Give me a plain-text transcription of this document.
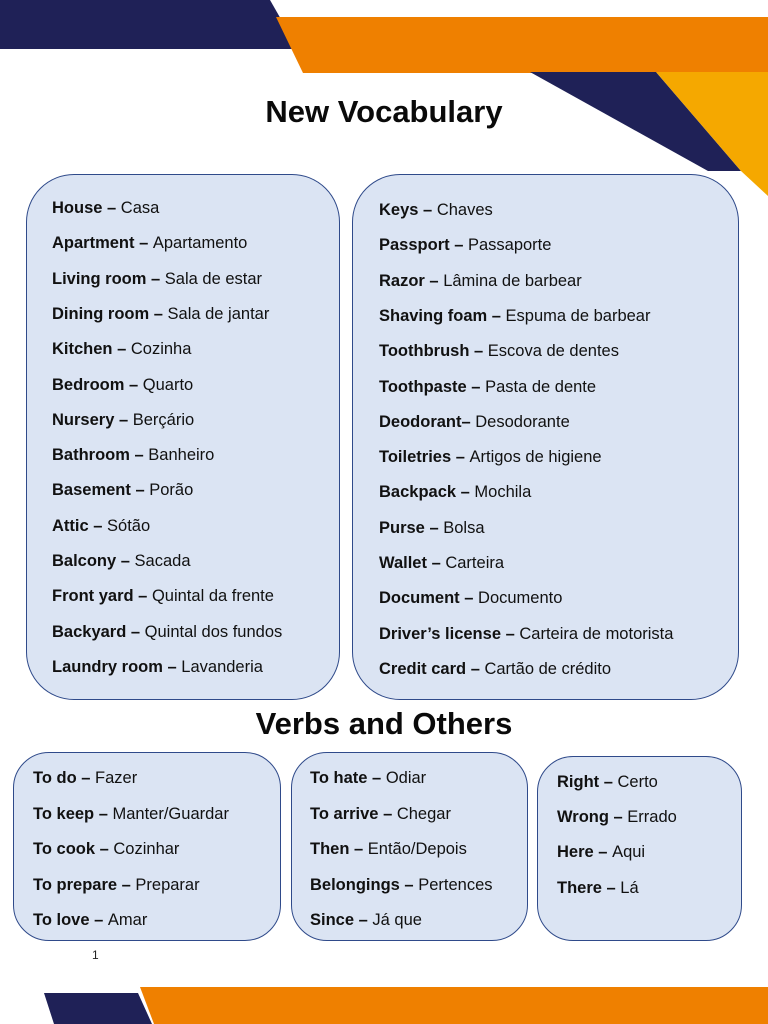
New Vocabulary
House – Casa
Apartment – Apartamento
Living room – Sala de estar
Dining room – Sala de jantar
Kitchen – Cozinha
Bedroom – Quarto
Nursery – Berçário
Bathroom – Banheiro
Basement – Porão
Attic – Sótão
Balcony – Sacada
Front yard – Quintal da frente
Backyard – Quintal dos fundos
Laundry room – Lavanderia
Keys – Chaves
Passport – Passaporte
Razor – Lâmina de barbear
Shaving foam – Espuma de barbear
Toothbrush – Escova de dentes
Toothpaste – Pasta de dente
Deodorant– Desodorante
Toiletries – Artigos de higiene
Backpack – Mochila
Purse – Bolsa
Wallet – Carteira
Document – Documento
Driver’s license – Carteira de motorista
Credit card – Cartão de crédito
Verbs and Others
To do – Fazer
To keep – Manter/Guardar
To cook – Cozinhar
To prepare – Preparar
To love – Amar
To hate – Odiar
To arrive – Chegar
Then – Então/Depois
Belongings – Pertences
Since – Já que
Right – Certo
Wrong – Errado
Here – Aqui
There – Lá
1
